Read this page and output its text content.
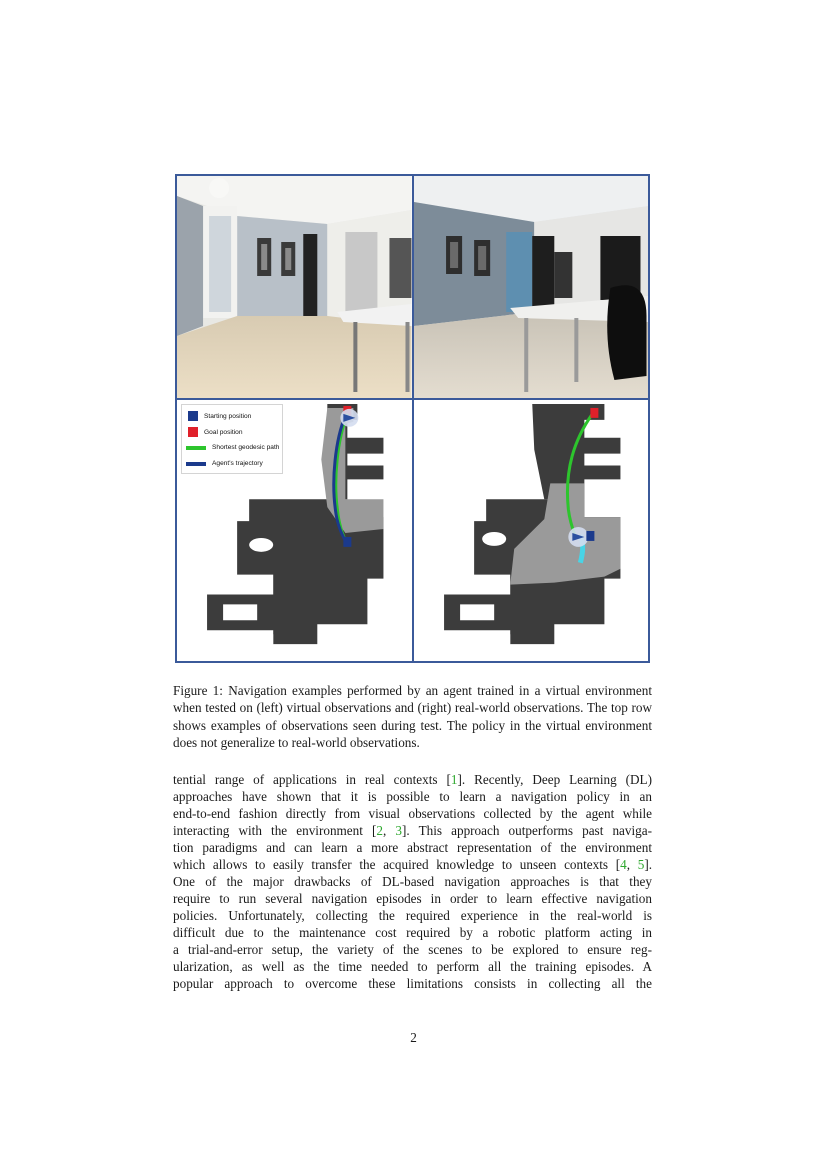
Starting position
Goal position
Shortest geodesic path
Agent's trajectory

Figure 1: Navigation examples performed by an agent trained in a virtual environment when tested on (left) virtual observations and (right) real-world observations. The top row shows examples of observations seen during test. The policy in the virtual environment does not generalize to real-world observations.

tential range of applications in real contexts [1]. Recently, Deep Learning (DL)
approaches have shown that it is possible to learn a navigation policy in an
end-to-end fashion directly from visual observations collected by the agent while
interacting with the environment [2, 3]. This approach outperforms past naviga-
tion paradigms and can learn a more abstract representation of the environment
which allows to easily transfer the acquired knowledge to unseen contexts [4, 5].
One of the major drawbacks of DL-based navigation approaches is that they
require to run several navigation episodes in order to learn effective navigation
policies. Unfortunately, collecting the required experience in the real-world is
difficult due to the maintenance cost required by a robotic platform acting in
a trial-and-error setup, the variety of the scenes to be explored to ensure reg-
ularization, as well as the time needed to perform all the training episodes. A
popular approach to overcome these limitations consists in collecting all the
2
